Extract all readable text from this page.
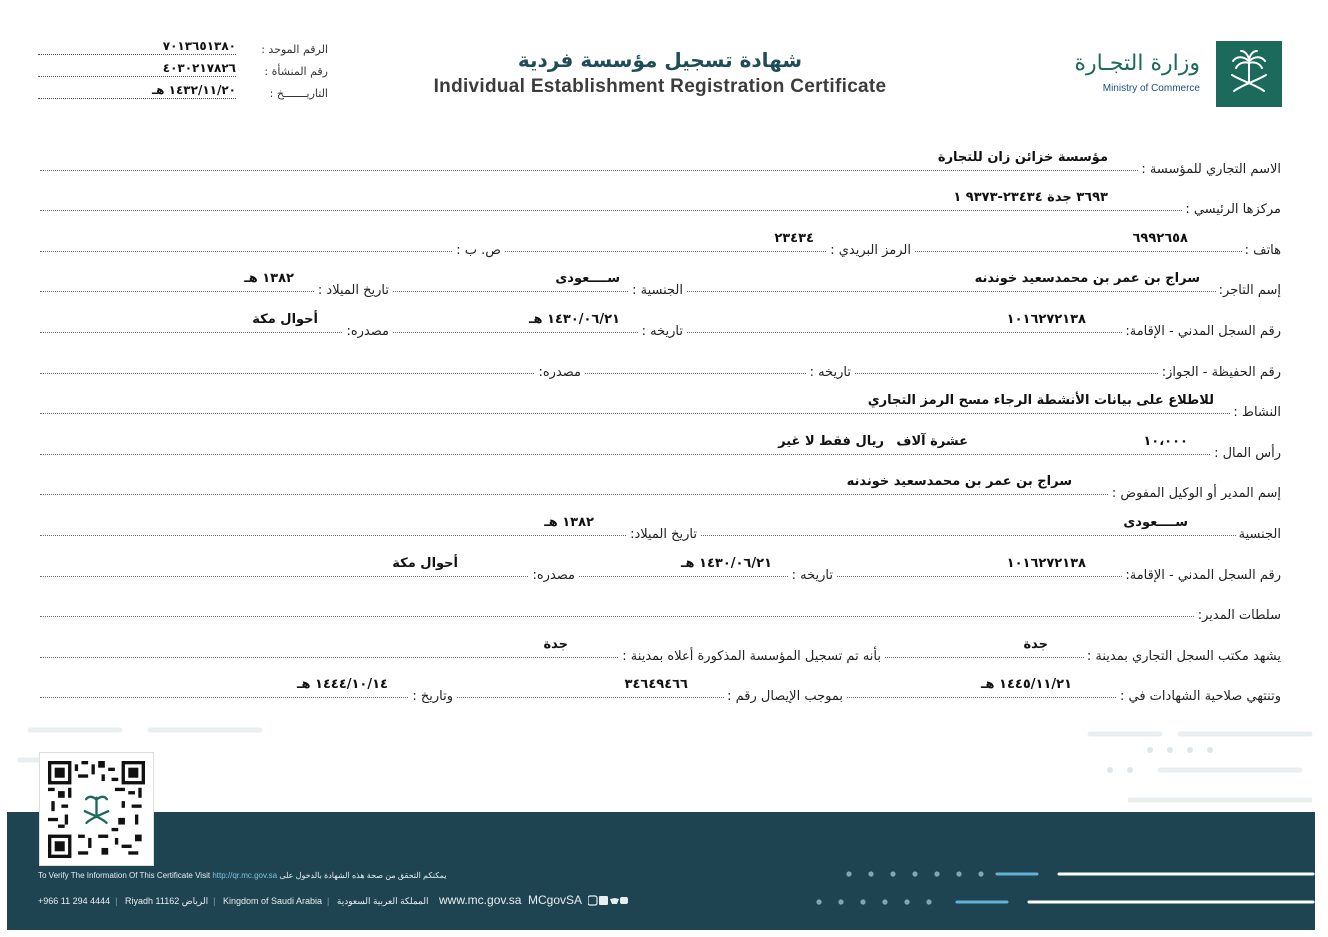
الرقم الموحد :
٧٠١٣٦٥١٣٨٠
رقم المنشأة :
٤٠٣٠٢١٧٨٢٦
التاريـــــــخ :
١٤٣٢/١١/٢٠ هـ
شهادة تسجيل مؤسسة فردية
Individual Establishment Registration Certificate
وزارة التجـارة
Ministry of Commerce
الاسم التجاري للمؤسسة :
مؤسسة خزائن زان للتجارة
مركزها الرئيسي :
٣٦٩٣ جدة ٢٣٤٣٤-٩٣٧٣ ١
هاتف :
٦٩٩٢٦٥٨
الرمز البريدي :
٢٣٤٣٤
ص. ب :
إسم التاجر:
سراج بن عمر بن محمدسعيد خوندنه
الجنسية :
ســــعودى
تاريخ الميلاد :
١٣٨٢ هـ
رقم السجل المدني - الإقامة:
١٠١٦٢٧٢١٣٨
تاريخه :
١٤٣٠/٠٦/٢١ هـ
مصدره:
أحوال مكة
رقم الحفيظة - الجواز:
تاريخه :
مصدره:
النشاط :
للاطلاع على بيانات الأنشطة الرجاء مسح الرمز التجاري
رأس المال :
١٠،٠٠٠
عشرة آلاف
ريال فقط لا غير
إسم المدير أو الوكيل المفوض :
سراج بن عمر بن محمدسعيد خوندنه
الجنسية
ســــعودى
تاريخ الميلاد:
١٣٨٢ هـ
رقم السجل المدني - الإقامة:
١٠١٦٢٧٢١٣٨
تاريخه :
١٤٣٠/٠٦/٢١ هـ
مصدره:
أحوال مكة
سلطات المدير:
يشهد مكتب السجل التجاري بمدينة :
جدة
بأنه تم تسجيل المؤسسة المذكورة أعلاه بمدينة :
جدة
وتنتهي صلاحية الشهادات في :
١٤٤٥/١١/٢١ هـ
بموجب الإيصال رقم :
٣٤٦٤٩٤٦٦
وتاريخ :
١٤٤٤/١٠/١٤ هـ
To Verify The Information Of This Certificate Visit http://qr.mc.gov.sa يمكنكم التحقق من صحة هذه الشهادة بالدخول على
+966 11 294 4444 | Riyadh 11162 الرياض | Kingdom of Saudi Arabia | المملكة العربية السعودية www.mc.gov.sa MCgovSA
